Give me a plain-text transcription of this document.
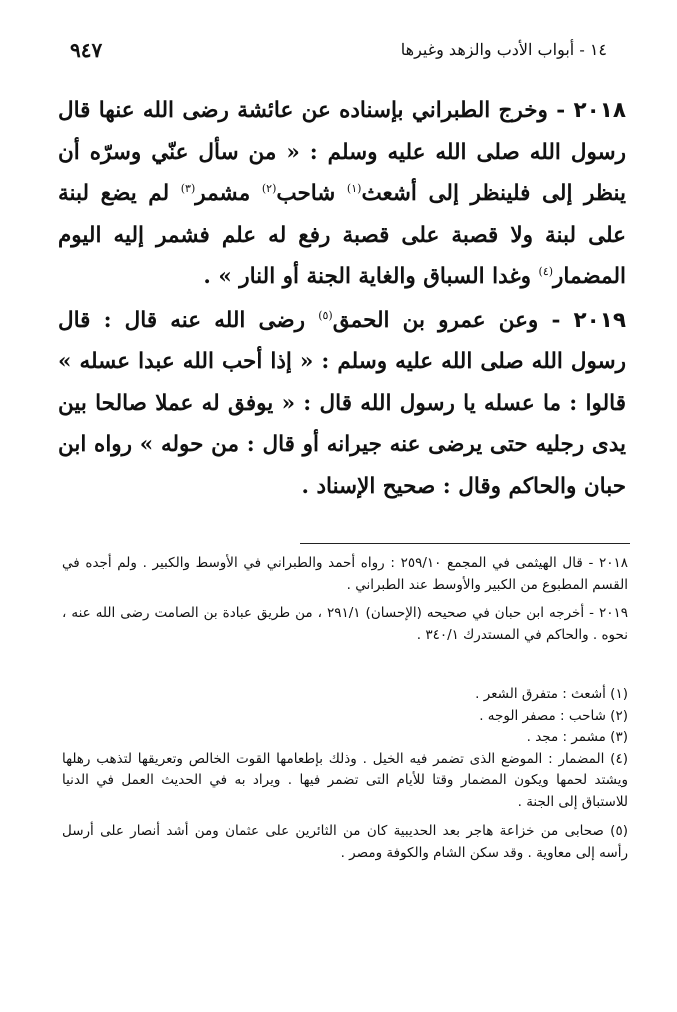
٩٤٧	١٤ - أبواب الأدب والزهد وغيرها

٢٠١٨ - وخرج الطبراني بإسناده عن عائشة رضى الله عنها قال رسول الله صلى الله عليه وسلم : « من سأل عنّي وسرّه أن ينظر إلى فلينظر إلى أشعث$^{(١)}$ شاحب$^{(٢)}$ مشمر$^{(٣)}$ لم يضع لبنة على لبنة ولا قصبة على قصبة رفع له علم فشمر إليه اليوم المضمار$^{(٤)}$ وغدا السباق والغاية الجنة أو النار » .

٢٠١٩ - وعن عمرو بن الحمق$^{(٥)}$ رضى الله عنه قال : قال رسول الله صلى الله عليه وسلم : « إذا أحب الله عبدا عسله » قالوا : ما عسله يا رسول الله قال : « يوفق له عملا صالحا بين يدى رجليه حتى يرضى عنه جيرانه أو قال : من حوله » رواه ابن حبان والحاكم وقال : صحيح الإسناد .

٢٠١٨ - قال الهيثمى في المجمع ٢٥٩/١٠ : رواه أحمد والطبراني في الأوسط والكبير . ولم أجده في القسم المطبوع من الكبير والأوسط عند الطبراني .

٢٠١٩ - أخرجه ابن حبان في صحيحه (الإحسان) ٢٩١/١ ، من طريق عبادة بن الصامت رضى الله عنه ، نحوه . والحاكم في المستدرك ٣٤٠/١ .

(١) أشعث : متفرق الشعر .

(٢) شاحب : مصفر الوجه .

(٣) مشمر : مجد .

(٤) المضمار : الموضع الذى تضمر فيه الخيل . وذلك بإطعامها القوت الخالص وتعريقها لتذهب رهلها ويشتد لحمها ويكون المضمار وقتا للأيام التى تضمر فيها . ويراد به في الحديث العمل في الدنيا للاستباق إلى الجنة .

(٥) صحابى من خزاعة هاجر بعد الحديبية كان من الثائرين على عثمان ومن أشد أنصار على أرسل رأسه إلى معاوية . وقد سكن الشام والكوفة ومصر .
